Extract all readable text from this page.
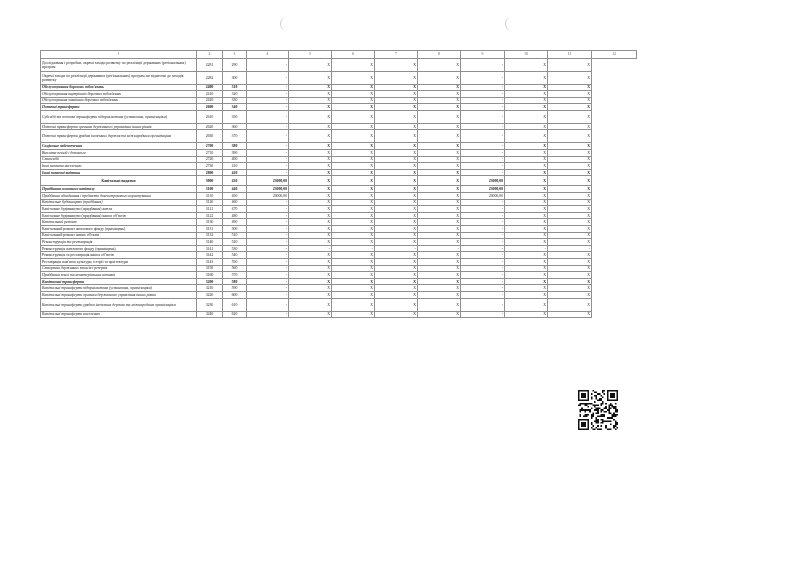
1	2	3	4	5	6	7	8	9	10	11	12
Дослідження і розробки, окремі заходи розвитку по реалізації державних (регіональних) програм	2281	290	-	X	X	X	X	-	X	X	
Окремі заходи по реалізації державних (регіональних) програм, не віднесені до заходів розвитку	2282	300	-	X	X	X	X	-	X	X	
Обслуговування боргових зобов'язань	2400	310	-	X	X	X	X	-	X	X	
Обслуговування внутрішніх боргових зобов'язань	2410	320	-	X	X	X	X	-	X	X	
Обслуговування зовнішніх боргових зобов'язань	2420	330	-	X	X	X	X	-	X	X	
Поточні трансферти	2600	340	-	X	X	X	X	-	X	X	
Субсидії та поточні трансферти підприємствам (установам, організаціям)	2610	350	-	X	X	X	X	-	X	X	
Поточні трансферти органам державного управління інших рівнів	2620	360	-	X	X	X	X	-	X	X	
Поточні трансферти урядам іноземних держав та міжнародним організаціям	2630	370	-	X	X	X	X	-	X	X	
Соціальне забезпечення	2700	380	-	X	X	X	X	-	X	X	
Виплата пенсій і допомоги	2710	390	-	X	X	X	X	-	X	X	
Стипендії	2720	400	-	X	X	X	X	-	X	X	
Інші виплати населенню	2730	410	-	X	X	X	X	-	X	X	
Інші поточні видатки	2800	420	-	X	X	X	X	-	X	X	
Капітальні видатки	3000	430	23000,00	X	X	X	X	23000,00	X	X	
Придбання основного капіталу	3100	440	23000,00	X	X	X	X	23000,00	X	X	
Придбання обладнання і предметів довгострокового користування	3110	450	23000,00	X	X	X	X	23000,00	X	X	
Капітальне будівництво (придбання)	3120	460	-	X	X	X	X	-	X	X	
Капітальне будівництво (придбання) житла	3121	470	-	X	X	X	X	-	X	X	
Капітальне будівництво (придбання) інших об'єктів	3122	480	-	X	X	X	X	-	X	X	
Капітальний ремонт	3130	490	-	X	X	X	X	-	X	X	
Капітальний ремонт житлового фонду (приміщень)	3131	500	-	X	X	X	X	-	X	X	
Капітальний ремонт інших об'єктів	3132	510	-	X	X	X	X	-	X	X	
Реконструкція та реставрація	3140	520	-	X	X	X	X	-	X	X	
Реконструкція житлового фонду (приміщень)	3141	530	-	-	-	-	-	-	-	-	
Реконструкція та реставрація інших об'єктів	3142	540	-	X	X	X	X	-	X	X	
Реставрація пам'яток культури, історії та архітектури	3143	550	-	X	X	X	X	-	X	X	
Створення державних запасів і резервів	3150	560	-	X	X	X	X	-	X	X	
Придбання землі та нематеріальних активів	3160	570	-	X	X	X	X	-	X	X	
Капітальні трансферти	3200	580	-	X	X	X	X	-	X	X	
Капітальні трансферти підприємствам (установам, організаціям)	3210	590	-	X	X	X	X	-	X	X	
Капітальні трансферти органам державного управління інших рівнів	3220	600	-	X	X	X	X	-	X	X	
Капітальні трансферти урядам іноземних держав та міжнародним організаціям	3230	610	-	X	X	X	X	-	X	X	
Капітальні трансферти населенню	3240	620	-	X	X	X	X	-	X	X	
